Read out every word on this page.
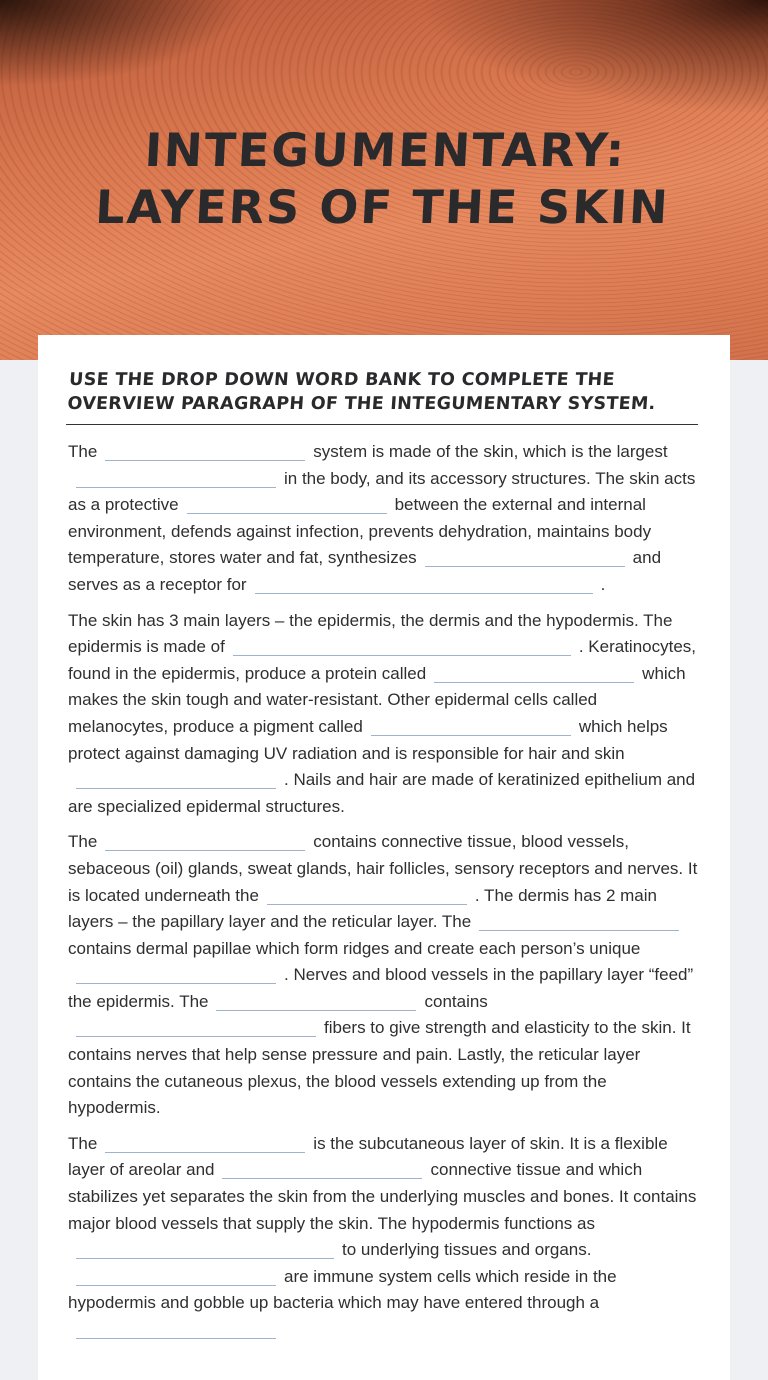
INTEGUMENTARY:
LAYERS OF THE SKIN
USE THE DROP DOWN WORD BANK TO COMPLETE THE OVERVIEW PARAGRAPH OF THE INTEGUMENTARY SYSTEM.

The	system is made of the skin, which is the largestin the body, and its accessory structures. The skin acts as a protective	between the external and internal environment, defends against infection, prevents dehydration, maintains body temperature, stores water and fat, synthesizes	and serves as a receptor for	.

The skin has 3 main layers – the epidermis, the dermis and the hypodermis. The epidermis is made of	. Keratinocytes, found in the epidermis, produce a protein called	which makes the skin tough and water-resistant. Other epidermal cells called melanocytes, produce a pigment called	which helps protect against damaging UV radiation and is responsible for hair and skin. Nails and hair are made of keratinized epithelium and are specialized epidermal structures.

The	contains connective tissue, blood vessels, sebaceous (oil) glands, sweat glands, hair follicles, sensory receptors and nerves. It is located underneath the	. The dermis has 2 main layers – the papillary layer and the reticular layer. Thecontains dermal papillae which form ridges and create each person’s unique. Nerves and blood vessels in the papillary layer “feed” the epidermis. The	containsfibers to give strength and elasticity to the skin. It contains nerves that help sense pressure and pain. Lastly, the reticular layer contains the cutaneous plexus, the blood vessels extending up from the hypodermis.

The	is the subcutaneous layer of skin. It is a flexible layer of areolar and	connective tissue and which stabilizes yet separates the skin from the underlying muscles and bones. It contains major blood vessels that supply the skin. The hypodermis functions asto underlying tissues and organs.are immune system cells which reside in the hypodermis and gobble up bacteria which may have entered through a
